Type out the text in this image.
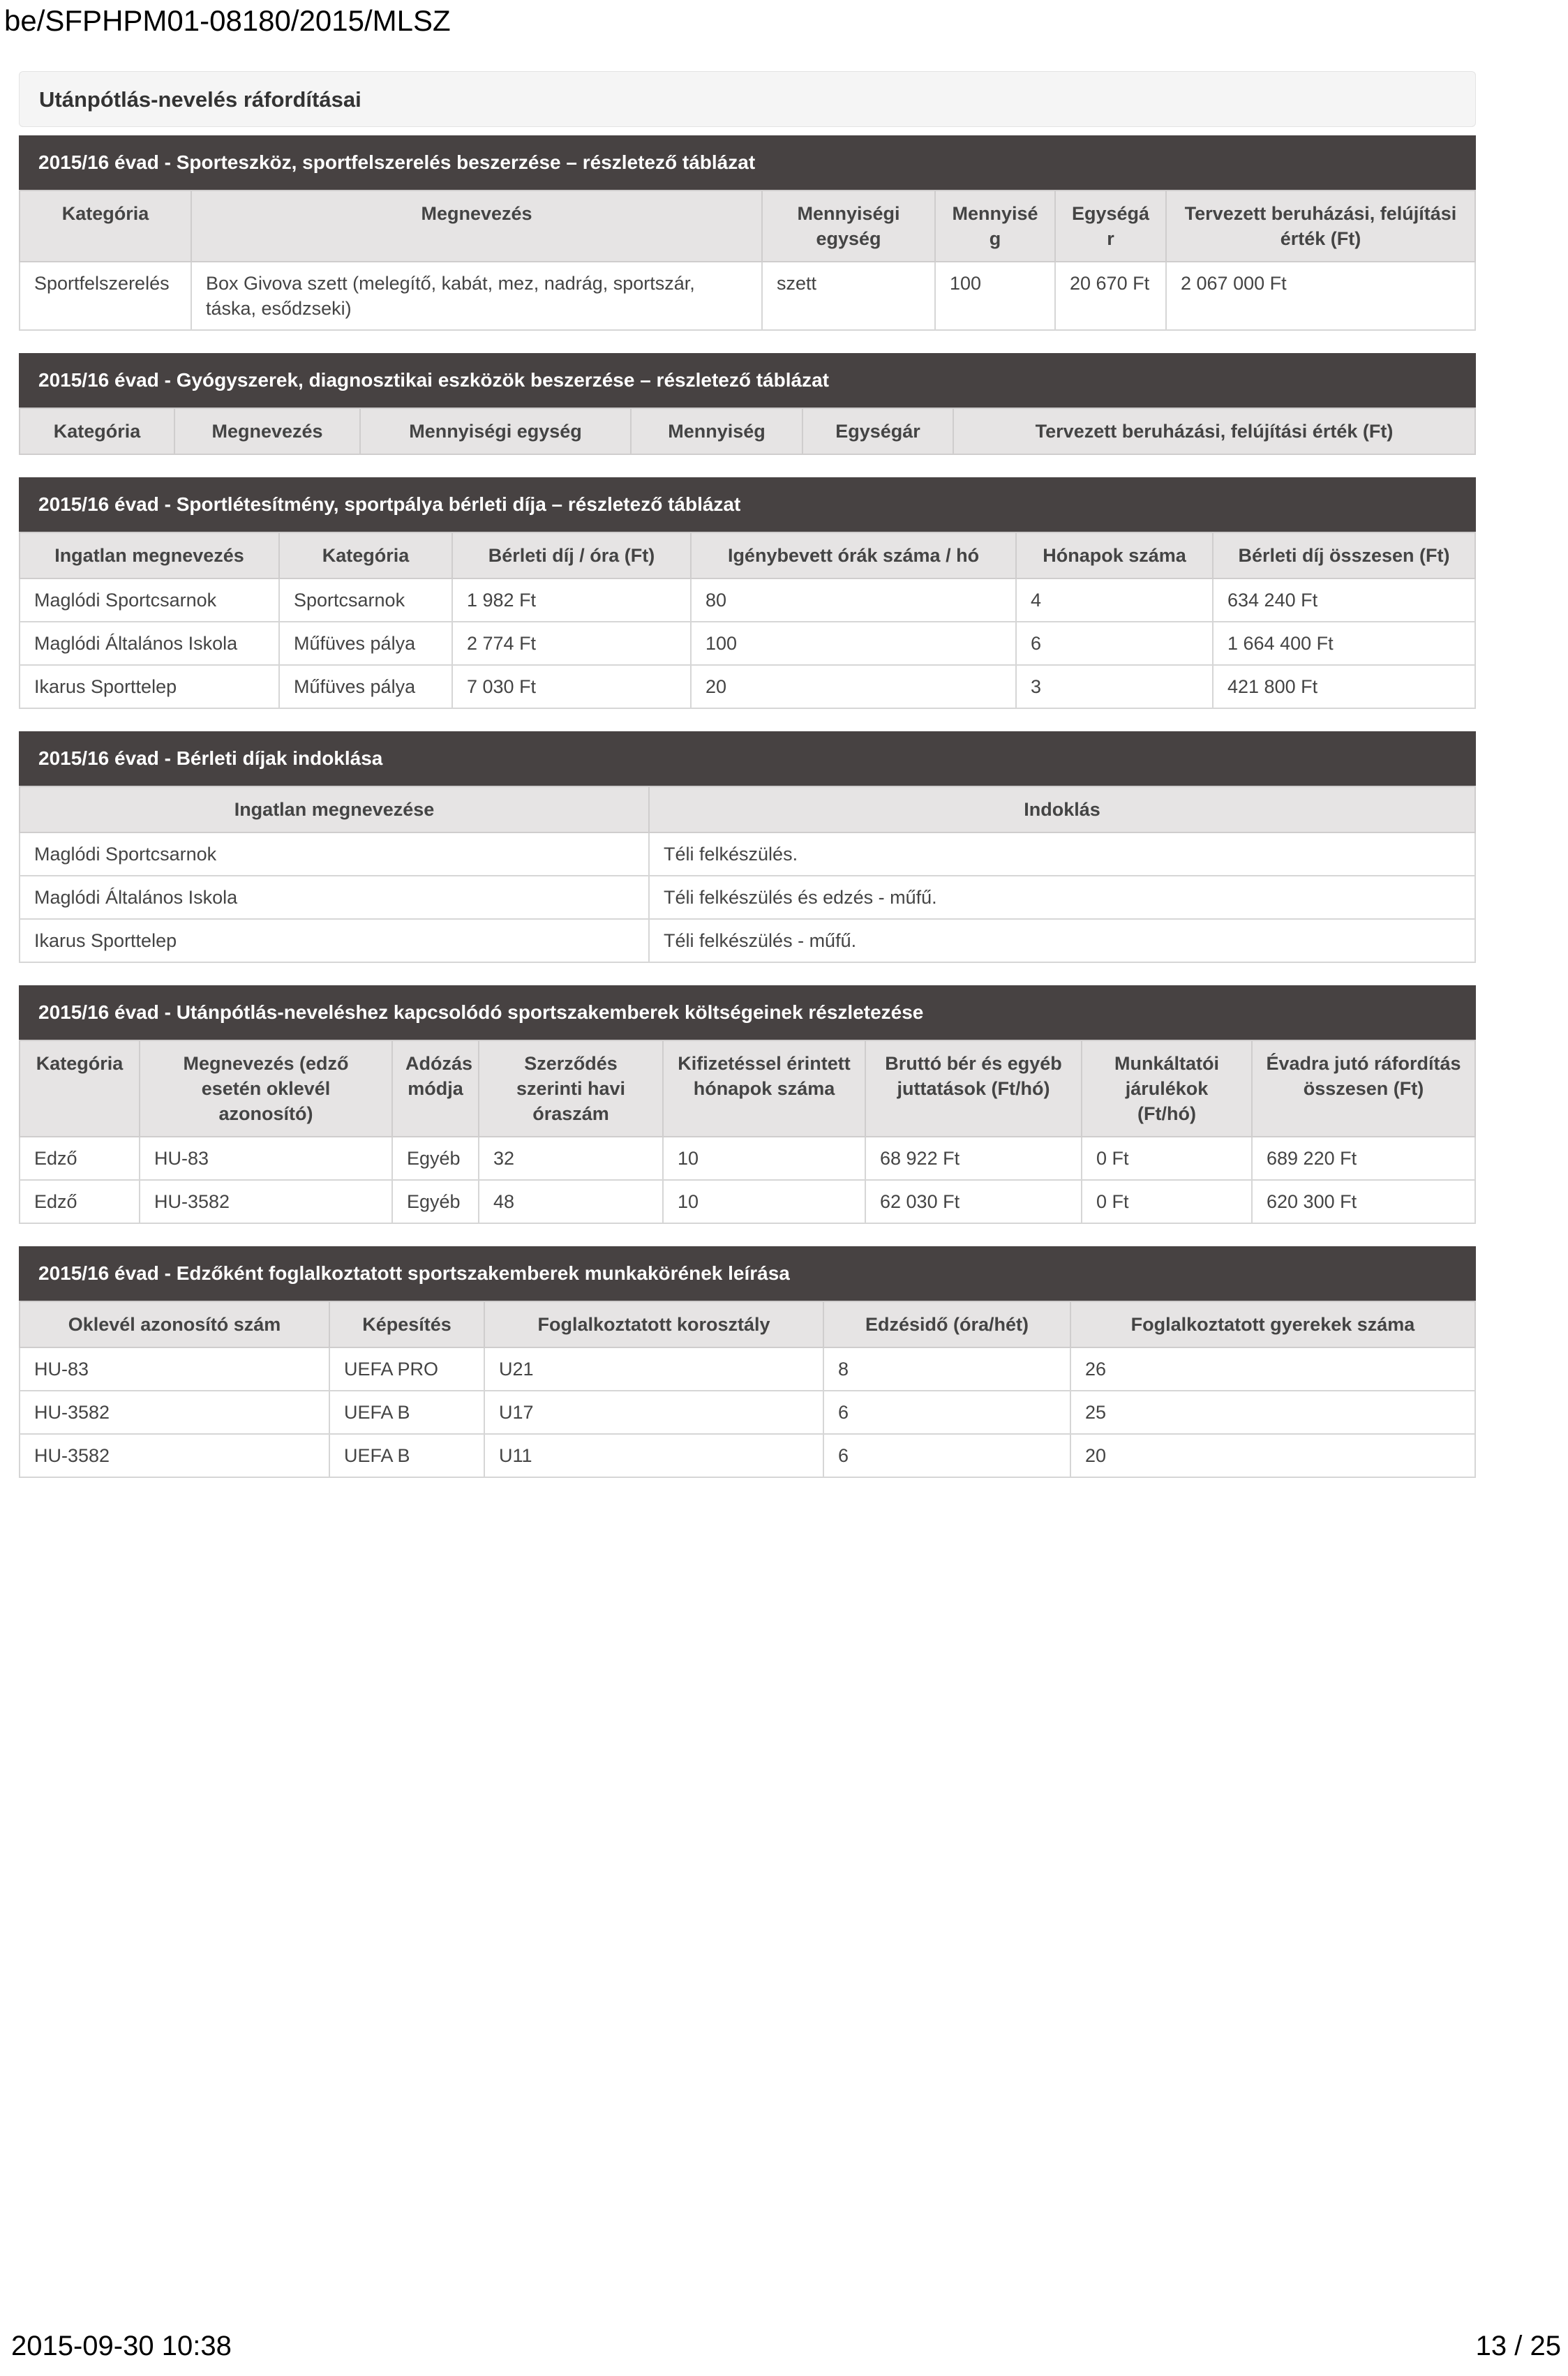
be/SFPHPM01-08180/2015/MLSZ
Utánpótlás-nevelés ráfordításai
2015/16 évad - Sporteszköz, sportfelszerelés beszerzése – részletező táblázat
Kategória	Megnevezés	Mennyiségi egység	Mennyisé g	Egységá r	Tervezett beruházási, felújítási érték (Ft)
Sportfelszerelés	Box Givova szett (melegítő, kabát, mez, nadrág, sportszár, táska, esődzseki)	szett	100	20 670 Ft	2 067 000 Ft
2015/16 évad - Gyógyszerek, diagnosztikai eszközök beszerzése – részletező táblázat
Kategória	Megnevezés	Mennyiségi egység	Mennyiség	Egységár	Tervezett beruházási, felújítási érték (Ft)
2015/16 évad - Sportlétesítmény, sportpálya bérleti díja – részletező táblázat
Ingatlan megnevezés	Kategória	Bérleti díj / óra (Ft)	Igénybevett órák száma / hó	Hónapok száma	Bérleti díj összesen (Ft)
Maglódi Sportcsarnok	Sportcsarnok	1 982 Ft	80	4	634 240 Ft
Maglódi Általános Iskola	Műfüves pálya	2 774 Ft	100	6	1 664 400 Ft
Ikarus Sporttelep	Műfüves pálya	7 030 Ft	20	3	421 800 Ft
2015/16 évad - Bérleti díjak indoklása
Ingatlan megnevezése	Indoklás
Maglódi Sportcsarnok	Téli felkészülés.
Maglódi Általános Iskola	Téli felkészülés és edzés - műfű.
Ikarus Sporttelep	Téli felkészülés - műfű.
2015/16 évad - Utánpótlás-neveléshez kapcsolódó sportszakemberek költségeinek részletezése
Kategória	Megnevezés (edző esetén oklevél azonosító)	Adózás módja	Szerződés szerinti havi óraszám	Kifizetéssel érintett hónapok száma	Bruttó bér és egyéb juttatások (Ft/hó)	Munkáltatói járulékok (Ft/hó)	Évadra jutó ráfordítás összesen (Ft)
Edző	HU-83	Egyéb	32	10	68 922 Ft	0 Ft	689 220 Ft
Edző	HU-3582	Egyéb	48	10	62 030 Ft	0 Ft	620 300 Ft
2015/16 évad - Edzőként foglalkoztatott sportszakemberek munkakörének leírása
Oklevél azonosító szám	Képesítés	Foglalkoztatott korosztály	Edzésidő (óra/hét)	Foglalkoztatott gyerekek száma
HU-83	UEFA PRO	U21	8	26
HU-3582	UEFA B	U17	6	25
HU-3582	UEFA B	U11	6	20
2015-09-30 10:38	13 / 25
